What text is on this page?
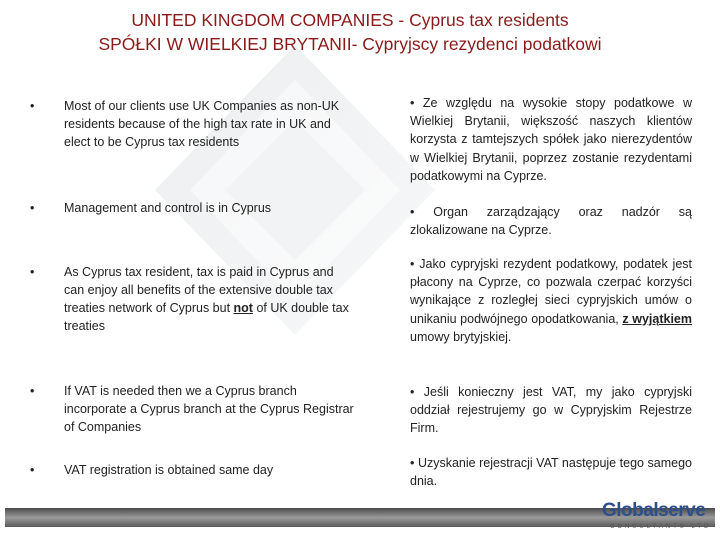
UNITED KINGDOM COMPANIES - Cyprus tax residents
SPÓŁKI W WIELKIEJ BRYTANII- Cypryjscy rezydenci podatkowi
• Most of our clients use UK Companies as non-UK residents because of the high tax rate in UK and elect to be Cyprus tax residents
• Management and control is in Cyprus
• As Cyprus tax resident, tax is paid in Cyprus and can enjoy all benefits of the extensive double tax treaties network of Cyprus but not of UK double tax treaties
• If VAT is needed then we a Cyprus branch incorporate a Cyprus branch at the Cyprus Registrar of Companies
• VAT registration is obtained same day
• Ze względu na wysokie stopy podatkowe w Wielkiej Brytanii, większość naszych klientów korzysta z tamtejszych spółek jako nierezydentów w Wielkiej Brytanii, poprzez zostanie rezydentami podatkowymi na Cyprze.
• Organ zarządzający oraz nadzór są zlokalizowane na Cyprze.
• Jako cypryjski rezydent podatkowy, podatek jest płacony na Cyprze, co pozwala czerpać korzyści wynikające z rozległej sieci cypryjskich umów o unikaniu podwójnego opodatkowania, z wyjątkiem umowy brytyjskiej.
• Jeśli konieczny jest VAT, my jako cypryjski oddział rejestrujemy go w Cypryjskim Rejestrze Firm.
• Uzyskanie rejestracji VAT następuje tego samego dnia.
Globalserve
CONSULTANTS LTD
